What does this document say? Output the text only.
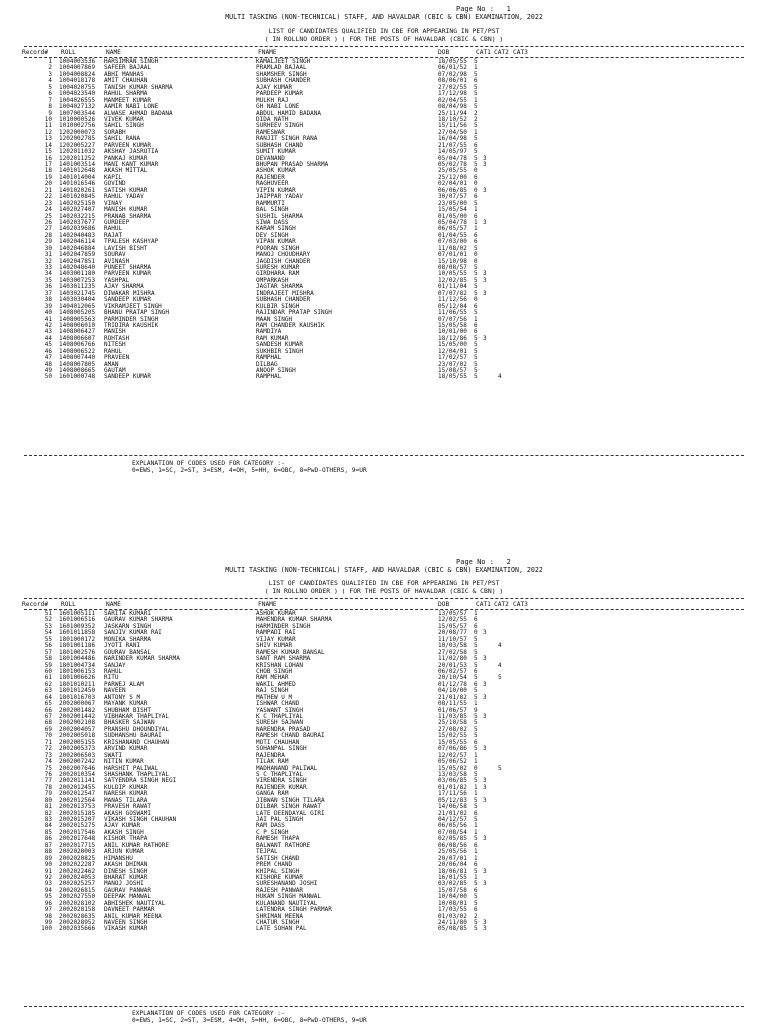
Page No :   1
MULTI TASKING (NON-TECHNICAL) STAFF, AND HAVALDAR (CBIC & CBN) EXAMINATION, 2022
LIST OF CANDIDATES QUALIFIED IN CBE FOR APPEARING IN PET/PST
( IN ROLLNO ORDER ) ( FOR THE POSTS OF HAVALDAR (CBIC & CBN) )
Record# ROLL	NAME	FNAME	DOB	CAT1 CAT2 CAT3
1 1004003536 HARSIMRAN SINGH	KAMALJEET SINGH	18/05/55 5
2 1004007869 SAFEER BAJAAL	PRAMLAD BAJAAL	06/01/52 1
3 1004008824 ABHI MANHAS	SHAMSHER SINGH	07/02/98 5
4 1004018178 AMIT CHAUHAN	SUBHASH CHANDER	08/06/01 6
5 1004020755 TANISH KUMAR SHARMA	AJAY KUMAR	27/02/55 5
6 1004023540 RAHUL SHARMA	PARDEEP KUMAR	17/12/98 5
7 1004026555 MANMEET KUMAR	MULKH RAJ	02/04/55 1
8 1004027132 AAMIR NABI LONE	GH NABI LONE	08/04/98 5
9 1007003544 ALWASE AHMAD BADANA	ABDUL HAMID BADANA	25/11/94 2
10 1010000526 VIVEK KUMAR	DIDA NATH	18/10/52 2
11 1010002756 SAHIL SINGH	SURHEEV SINGH	15/11/56 5
12 1202000073 SORABH	RAMESWAR	27/04/50 1
13 1202002785 SAHIL RANA	RANJIT SINGH RANA	16/04/98 5
14 1202005227 PARVEEN KUMAR	SUBHASH CHAND	21/07/55 6
15 1202011032 AKSHAY JASROTIA	SUMIT KUMAR	14/05/97 5
16 1202011252 PANKAJ KUMAR	DEVANAND	05/04/78 5 3
17 1401003514 MANI KANT KUMAR	BHUPAN PRASAD SHARMA	05/02/78 5 3
18 1401012648 AKASH MITTAL	ASHOK KUMAR	25/05/55 0
19 1401014004 KAPIL	RAJENDER	25/12/00 6
20 1401016546 GOVIND	RAGHUVEER	02/04/01 0
21 1401020261 SATISH KUMAR	VIPIN KUMAR	06/06/85 0 3
22 1401020845 RAHUL YADAV	JAIPPAR YADAV	30/07/57 6
23 1402025150 VINAY	RAMMURTI	23/05/00 5
24 1402027407 MANISH KUMAR	BAL SINGH	15/05/54 1
25 1402032215 PRANAB SHARMA	SUSHIL SHARMA	01/05/00 6
26 1402037677 GURDEEP	SIWA DASS	05/04/78 1 3
27 1402039686 RAHUL	KARAM SINGH	06/05/57 1
28 1402040483 RAJAT	DEV SINGH	01/04/55 6
29 1402046114 TPALESH KASHYAP	VIPAN KUMAR	07/03/00 6
30 1402046884 LAVISH BISHT	POORAN SINGH	11/08/02 5
31 1402047859 SOURAV	MANOJ CHOUDHARY	07/01/01 0
32 1402047851 AVINASH	JAGDISH CHANDER	15/10/98 0
33 1402048640 PUNEET SHARMA	SURESH KUMAR	08/08/57 5
34 1403001180 PARVEEN KUMAR	GIRDHARA RAM	10/05/55 5 3
35 1403007253 YASHPAL	OMPARKASH	12/02/85 5 3
36 1403011235 AJAY SHARMA	JAGTAR SHARMA	01/11/04 5
37 1403021745 DIWAKAR MISHRA	INDRAJEET MISHRA	07/07/82 5 3
38 1403030404 SANDEEP KUMAR	SUBHASH CHANDER	11/12/56 0
39 1404012065 VIKRAMJEET SINGH	KULBIR SINGH	05/12/04 6
40 1408005205 BHANU PRATAP SINGH	RAJINDAR PRATAP SINGH	11/06/55 5
41 1408005563 PARMINDER SINGH	MAAN SINGH	07/07/56 1
42 1408006010 TRIDIRA KAUSHIK	RAM CHANDER KAUSHIK	15/05/58 6
43 1408006427 MANISH	RAMDIYA	10/01/00 6
44 1408006607 ROHTASH	RAM KUMAR	18/12/86 5 3
45 1408006766 NITESH	SANDESH KUMAR	15/05/00 5
46 1408006522 RAHUL	SUKHBIR SINGH	12/04/01 5
47 1408007440 PRAVEEN	RAMPHAL	17/02/57 5
48 1408007805 AMAN	DILBAG	23/07/02 5
49 1408008665 GAUTAM	ANOOP SINGH	15/08/57 5
50 1601000748 SANDEEP KUMAR	RAMPHAL	18/05/55 5	4
EXPLANATION OF CODES USED FOR CATEGORY :-
0=EWS, 1=SC, 2=ST, 3=ESM, 4=OH, 5=HH, 6=OBC, 8=PwD-OTHERS, 9=UR
Page No :   2
MULTI TASKING (NON-TECHNICAL) STAFF, AND HAVALDAR (CBIC & CBN) EXAMINATION, 2022
LIST OF CANDIDATES QUALIFIED IN CBE FOR APPEARING IN PET/PST
( IN ROLLNO ORDER ) ( FOR THE POSTS OF HAVALDAR (CBIC & CBN) )
Record# ROLL	NAME	FNAME	DOB	CAT1 CAT2 CAT3
51 1601005111 SARITA KUMARI	ASHOK KUMAR	13/05/57 1
52 1601006516 GAURAV KUMAR SHARMA	MAHENDRA KUMAR SHARMA	12/02/55 6
53 1601009352 JASKARN SINGH	HARMINDER SINGH	15/05/57 6
54 1601011858 SANJIV KUMAR RAI	RAMPADI RAI	20/08/77 0 3
55 1801000172 MONIKA SHARMA	VIJAY KUMAR	11/10/57 5
56 1801001186 JYOTI RANI	SHIV KUMAR	10/03/58 5	4
57 1801002576 GOURAV BANSAL	RAMESH KUMAR BANSAL	27/02/58 5
58 1801004486 NARINDER KUMAR SHARMA	SANT RAM SHARMA	11/02/80 5 3
59 1801004734 SANJAY	KRISHAN LOHAN	20/01/53 5	4
60 1801006153 RAHUL	CHOB SINGH	06/02/57 6
61 1801006626 RITU	RAM MEHAR	20/10/54 5	5
62 1801010211 PARWEJ ALAM	WAKIL AHMED	01/12/78 6 3
63 1801012450 NAVEEN	RAJ SINGH	04/10/00 5
64 1801016703 ANTONY S M	MATHEW U M	21/01/82 5 3
65 2002000067 MAYANK KUMAR	ISHWAR CHAND	08/11/55 1
66 2002001482 SHUBHAM BISHT	YASWANT SINGH	01/06/57 9
67 2002001442 VIBHAKAR THAPLIYAL	K C THAPLIYAL	11/03/85 5 3
68 2002002108 BHASKER SAJWAN	SURESH SAJWAN	25/10/58 5
69 2002004057 PRANSHU DHOUNDIYAL	NARENDRA PRASAD	27/08/02 5
70 2002005018 SUDHANSHU BAURAI	RAMESH CHAND BAURAI	15/02/55 5
71 2002005155 KRISHANAND CHAUHAN	MOTI CHAUHAN	15/05/55 6
72 2002005373 ARVIND KUMAR	SOHANPAL SINGH	07/06/86 5 3
73 2002006503 SWATI	RAJENDRA	12/02/57 1
74 2002007242 NITIN KUMAR	TILAK RAM	05/06/52 1
75 2002007646 HARSHIT PALIWAL	MADHANAND PALIWAL	15/05/02 0	5
76 2002010354 SHASHANK THAPLIYAL	S C THAPLIYAL	13/03/58 5
77 2002011141 SATYENDRA SINGH NEGI	VIRENDRA SINGH	03/06/85 5 3
78 2002012455 KULDIP KUMAR	RAJENDER KUMAR	01/01/82 1 3
79 2002012547 NARESH KUMAR	GANGA RAM	17/11/56 1
80 2002012564 MANAS TILARA	JIBWAN SINGH TILARA	05/12/83 5 3
81 2002013753 PRAVESH RAWAT	DILBAR SINGH RAWAT	14/06/58 5
82 2002015185 AKASH GOSWAMI	LATE DEENDAYAL GIRI	21/01/02 6
83 2002015207 VIKASH SINGH CHAUHAN	JAI PAL SINGH	04/12/57 5
84 2002015275 AJAY KUMAR	RAM DASS	06/05/56 1
85 2002017546 AKASH SINGH	C P SINGH	07/08/54 1
86 2002017648 KISHOR THAPA	RAMESH THAPA	02/05/85 5 3
87 2002017715 ANIL KUMAR RATHORE	BALWANT RATHORE	06/08/56 6
88 2002020003 ARJUN KUMAR	TEJPAL	25/05/56 1
89 2002020825 HIMANSHU	SATISH CHAND	20/07/01 1
90 2002022287 AKASH DHIMAN	PREM CHAND	20/06/04 6
91 2002022462 DINESH SINGH	KHIPAL SINGH	18/06/81 5 3
92 2002024053 BHARAT KUMAR	KISHORE KUMAR	16/01/55 1
93 2002025257 MANOJ JOSHI	SURESHANAND JOSHI	03/02/85 5 3
94 2002026815 GAURAV PANWAR	RAJESH PANWAR	15/07/58 6
95 2002027550 DEEPAK MANWAL	HUKAM SINGH MANWAL	10/04/00 5
96 2002028102 ABHISHEK NAUTIYAL	KULANAND NAUTIYAL	10/08/01 5
97 2002028158 DAVNEET PARMAR	LATENDRA SINGH PARMAR	17/03/55 6
98 2002028635 ANIL KUMAR MEENA	SHRIMAN MEENA	01/03/02 2
99 2002028952 NAVEEN SINGH	CHATUR SINGH	24/11/80 5 3
100 2002035666 VIKASH KUMAR	LATE SOHAN PAL	05/08/85 5 3
EXPLANATION OF CODES USED FOR CATEGORY :-
0=EWS, 1=SC, 2=ST, 3=ESM, 4=OH, 5=HH, 6=OBC, 8=PwD-OTHERS, 9=UR
